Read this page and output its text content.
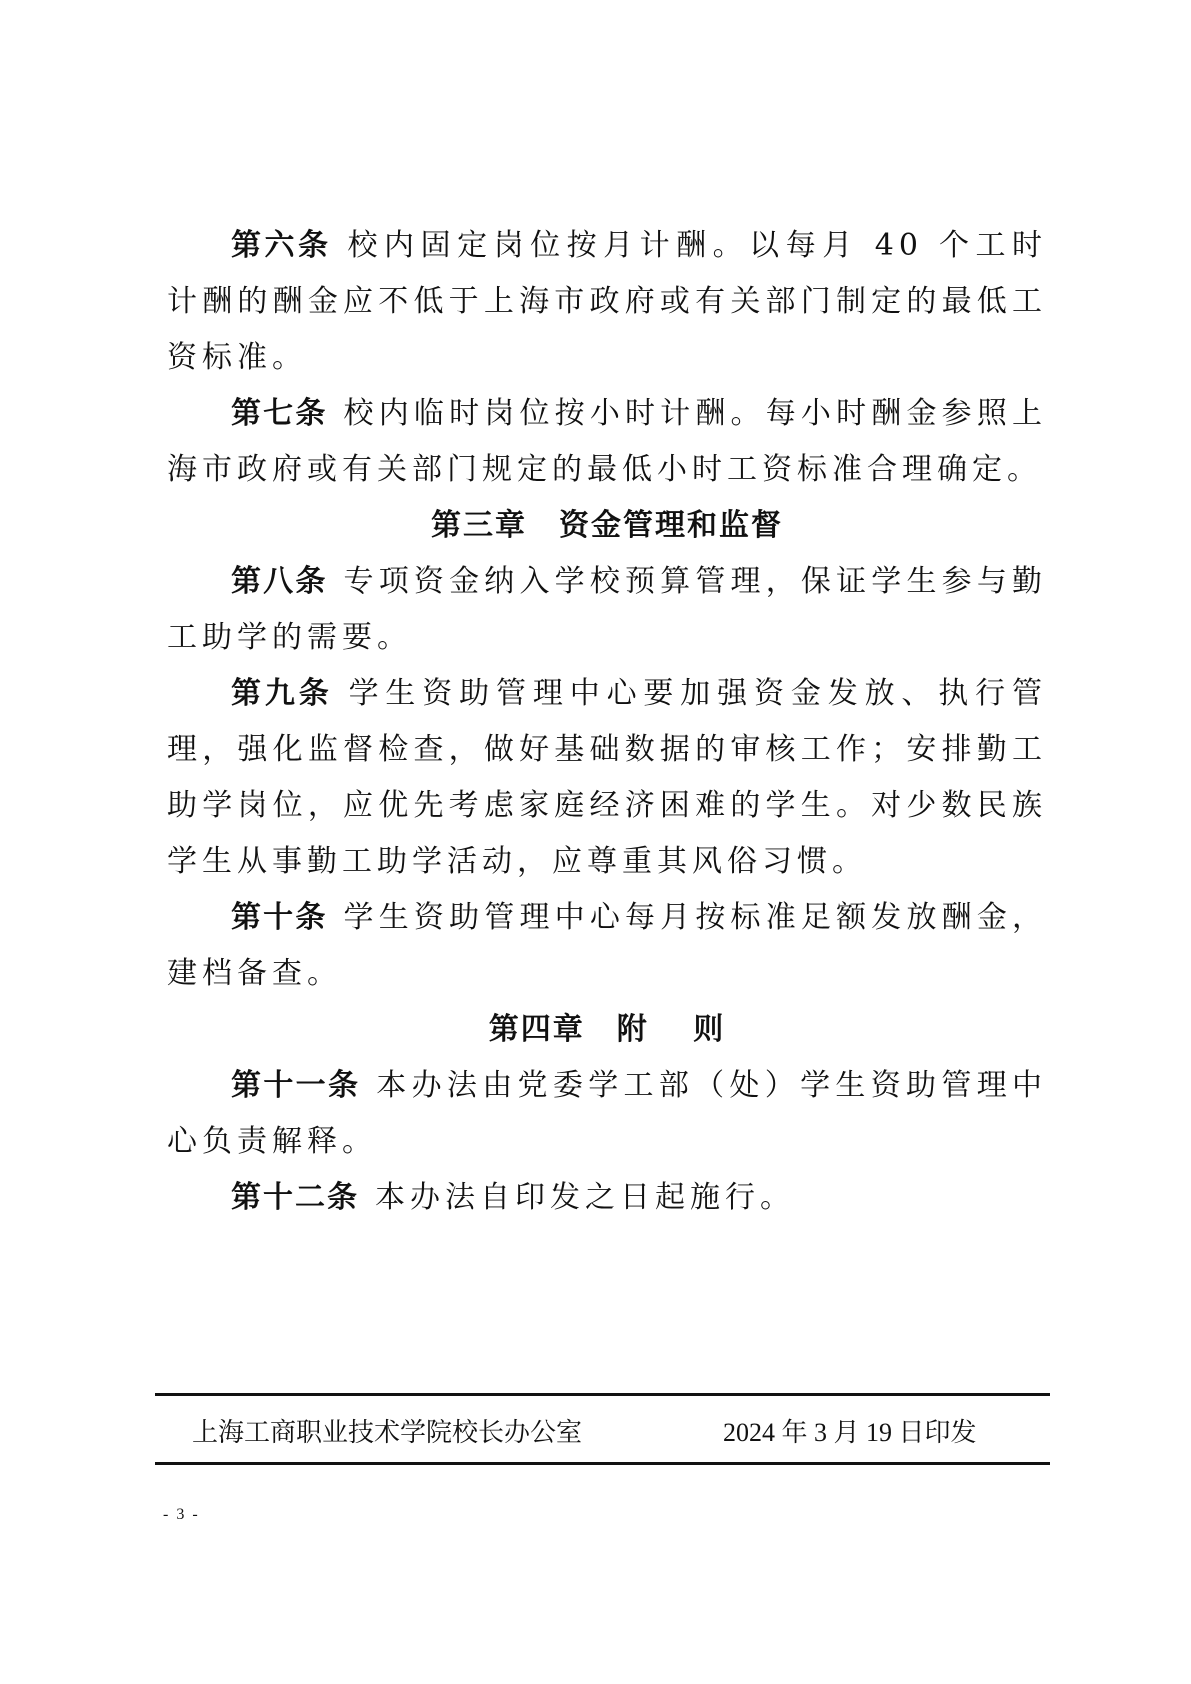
第六条 校内固定岗位按月计酬。以每月 40 个工时计酬的酬金应不低于上海市政府或有关部门制定的最低工资标准。

第七条 校内临时岗位按小时计酬。每小时酬金参照上海市政府或有关部门规定的最低小时工资标准合理确定。

第三章　资金管理和监督

第八条 专项资金纳入学校预算管理，保证学生参与勤工助学的需要。

第九条 学生资助管理中心要加强资金发放、执行管理，强化监督检查，做好基础数据的审核工作；安排勤工助学岗位，应优先考虑家庭经济困难的学生。对少数民族学生从事勤工助学活动，应尊重其风俗习惯。

第十条 学生资助管理中心每月按标准足额发放酬金，建档备查。

第四章　附　 则

第十一条 本办法由党委学工部（处）学生资助管理中心负责解释。

第十二条 本办法自印发之日起施行。

上海工商职业技术学院校长办公室	2024 年 3 月 19 日印发
- 3 -
